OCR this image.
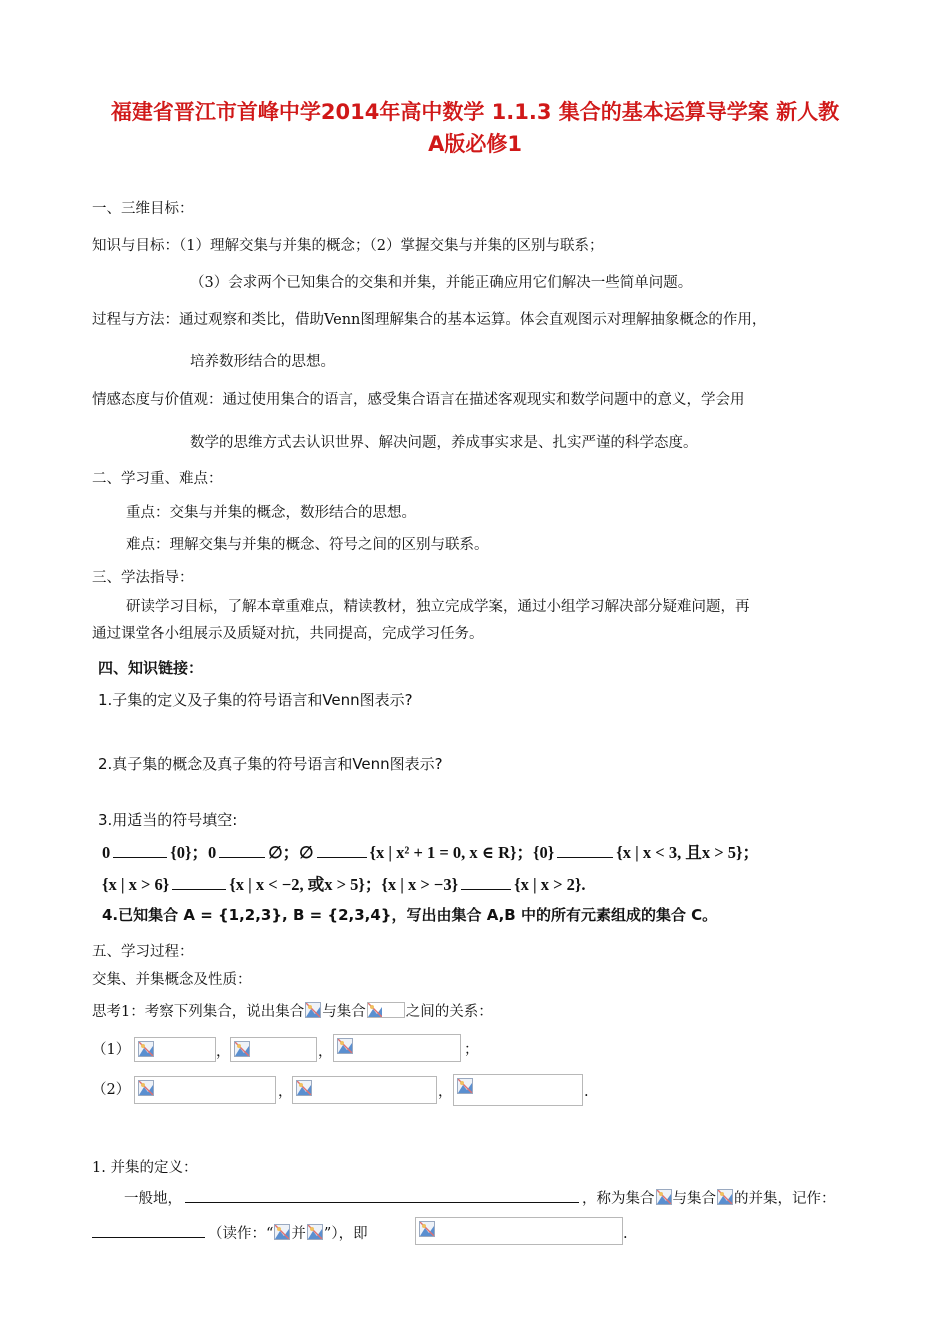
福建省晋江市首峰中学2014年高中数学 1.1.3 集合的基本运算导学案 新人教
A版必修1
一、三维目标：
知识与目标：（1）理解交集与并集的概念；（2）掌握交集与并集的区别与联系；
（3）会求两个已知集合的交集和并集，并能正确应用它们解决一些简单问题。
过程与方法：通过观察和类比，借助Venn图理解集合的基本运算。体会直观图示对理解抽象概念的作用，
培养数形结合的思想。
情感态度与价值观：通过使用集合的语言，感受集合语言在描述客观现实和数学问题中的意义，学会用
数学的思维方式去认识世界、解决问题，养成事实求是、扎实严谨的科学态度。
二、学习重、难点：
重点：交集与并集的概念，数形结合的思想。
难点：理解交集与并集的概念、符号之间的区别与联系。
三、学法指导：
研读学习目标，了解本章重难点，精读教材，独立完成学案，通过小组学习解决部分疑难问题，再
通过课堂各小组展示及质疑对抗，共同提高，完成学习任务。
四、知识链接：
1.子集的定义及子集的符号语言和Venn图表示?
2.真子集的概念及真子集的符号语言和Venn图表示?
3.用适当的符号填空:
0	{0}；0	∅；∅	{x | x² + 1 = 0, x ∈ R}；{0}	{x | x < 3, 且x > 5}；
{x | x > 6}	{x | x < −2, 或x > 5}；{x | x > −3}	{x | x > 2}.
4.已知集合 A = {1,2,3}, B = {2,3,4}，写出由集合 A,B 中的所有元素组成的集合 C。
五、学习过程：
交集、并集概念及性质：
思考1：考察下列集合，说出集合 与集合	之间的关系：
（1）	，	，	；
（2）	，	，	.
1. 并集的定义：
一般地，	，称为集合 与集合 的并集，记作：
（读作：“ 并 ”），即	.
